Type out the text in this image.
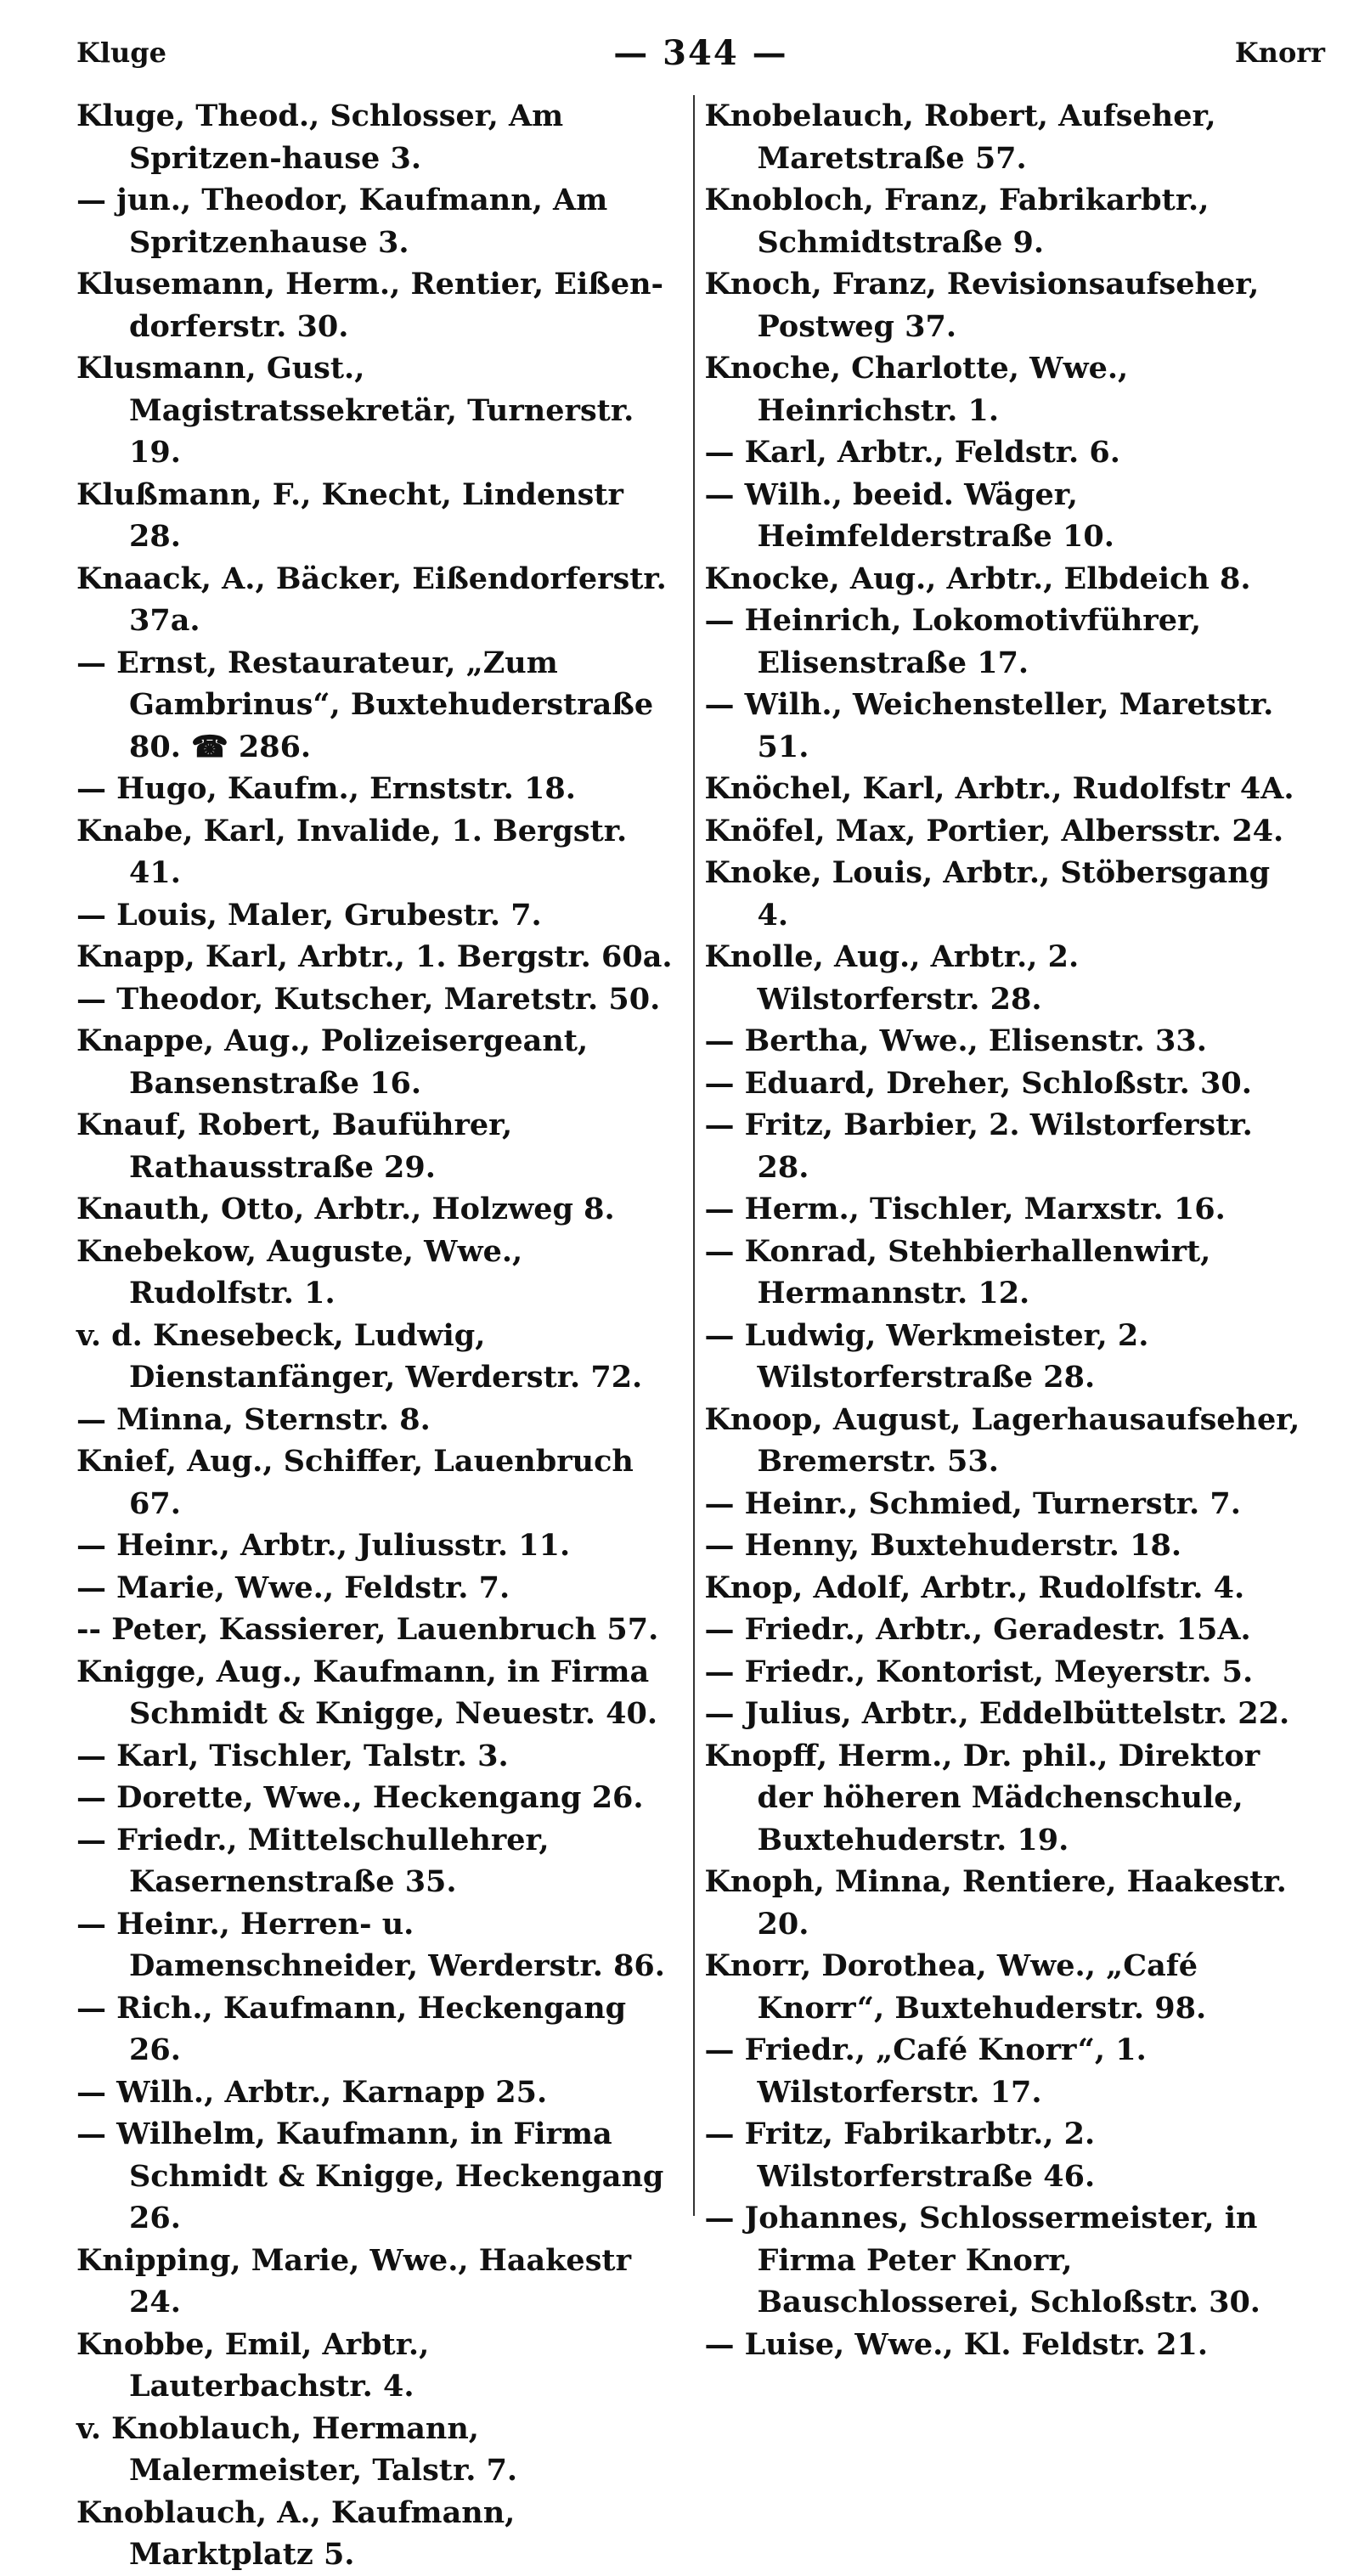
Kluge	— 344 —	Knorr

Kluge, Theod., Schlosser, Am Spritzen-hause 3.

— jun., Theodor, Kaufmann, Am Spritzenhause 3.

Klusemann, Herm., Rentier, Eißen-dorferstr. 30.

Klusmann, Gust., Magistratssekretär, Turnerstr. 19.

Klußmann, F., Knecht, Lindenstr 28.

Knaack, A., Bäcker, Eißendorferstr. 37a.

— Ernst, Restaurateur, „Zum Gambrinus“, Buxtehuderstraße 80. ☎ 286.

— Hugo, Kaufm., Ernststr. 18.

Knabe, Karl, Invalide, 1. Bergstr. 41.

— Louis, Maler, Grubestr. 7.

Knapp, Karl, Arbtr., 1. Bergstr. 60a.

— Theodor, Kutscher, Maretstr. 50.

Knappe, Aug., Polizeisergeant, Bansenstraße 16.

Knauf, Robert, Bauführer, Rathausstraße 29.

Knauth, Otto, Arbtr., Holzweg 8.

Knebekow, Auguste, Wwe., Rudolfstr. 1.

v. d. Knesebeck, Ludwig, Dienstanfänger, Werderstr. 72.

— Minna, Sternstr. 8.

Knief, Aug., Schiffer, Lauenbruch 67.

— Heinr., Arbtr., Juliusstr. 11.

— Marie, Wwe., Feldstr. 7.

-- Peter, Kassierer, Lauenbruch 57.

Knigge, Aug., Kaufmann, in Firma Schmidt & Knigge, Neuestr. 40.

— Karl, Tischler, Talstr. 3.

— Dorette, Wwe., Heckengang 26.

— Friedr., Mittelschullehrer, Kasernenstraße 35.

— Heinr., Herren- u. Damenschneider, Werderstr. 86.

— Rich., Kaufmann, Heckengang 26.

— Wilh., Arbtr., Karnapp 25.

— Wilhelm, Kaufmann, in Firma Schmidt & Knigge, Heckengang 26.

Knipping, Marie, Wwe., Haakestr 24.

Knobbe, Emil, Arbtr., Lauterbachstr. 4.

v. Knoblauch, Hermann, Malermeister, Talstr. 7.

Knoblauch, A., Kaufmann, Marktplatz 5.

Knobelauch, Robert, Aufseher, Maretstraße 57.

Knobloch, Franz, Fabrikarbtr., Schmidtstraße 9.

Knoch, Franz, Revisionsaufseher, Postweg 37.

Knoche, Charlotte, Wwe., Heinrichstr. 1.

— Karl, Arbtr., Feldstr. 6.

— Wilh., beeid. Wäger, Heimfelderstraße 10.

Knocke, Aug., Arbtr., Elbdeich 8.

— Heinrich, Lokomotivführer, Elisenstraße 17.

— Wilh., Weichensteller, Maretstr. 51.

Knöchel, Karl, Arbtr., Rudolfstr 4A.

Knöfel, Max, Portier, Albersstr. 24.

Knoke, Louis, Arbtr., Stöbersgang 4.

Knolle, Aug., Arbtr., 2. Wilstorferstr. 28.

— Bertha, Wwe., Elisenstr. 33.

— Eduard, Dreher, Schloßstr. 30.

— Fritz, Barbier, 2. Wilstorferstr. 28.

— Herm., Tischler, Marxstr. 16.

— Konrad, Stehbierhallenwirt, Hermannstr. 12.

— Ludwig, Werkmeister, 2. Wilstorferstraße 28.

Knoop, August, Lagerhausaufseher, Bremerstr. 53.

— Heinr., Schmied, Turnerstr. 7.

— Henny, Buxtehuderstr. 18.

Knop, Adolf, Arbtr., Rudolfstr. 4.

— Friedr., Arbtr., Geradestr. 15A.

— Friedr., Kontorist, Meyerstr. 5.

— Julius, Arbtr., Eddelbüttelstr. 22.

Knopff, Herm., Dr. phil., Direktor der höheren Mädchenschule, Buxtehuderstr. 19.

Knoph, Minna, Rentiere, Haakestr. 20.

Knorr, Dorothea, Wwe., „Café Knorr“, Buxtehuderstr. 98.

— Friedr., „Café Knorr“, 1. Wilstorferstr. 17.

— Fritz, Fabrikarbtr., 2. Wilstorferstraße 46.

— Johannes, Schlossermeister, in Firma Peter Knorr, Bauschlosserei, Schloßstr. 30.

— Luise, Wwe., Kl. Feldstr. 21.
